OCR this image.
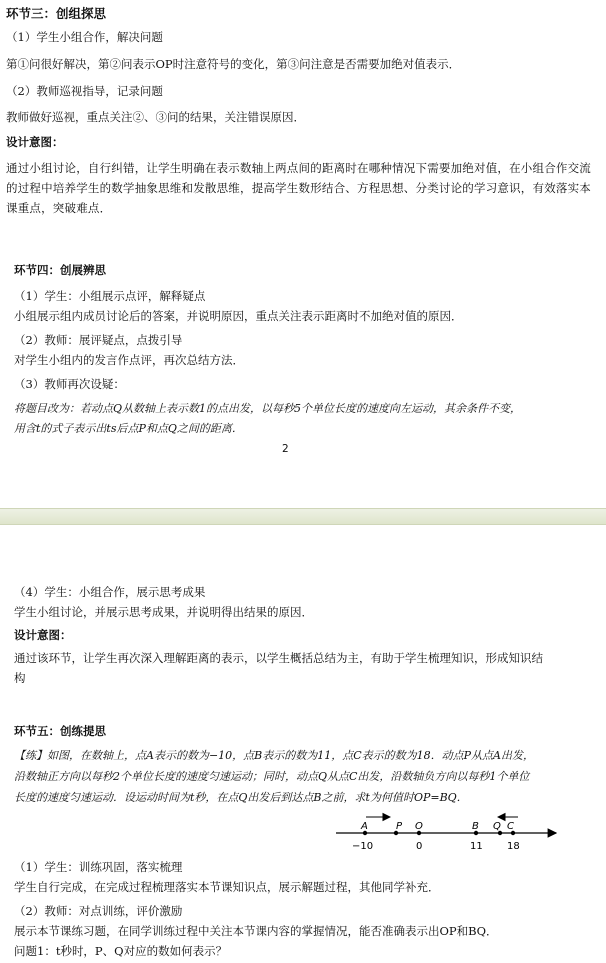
环节三：创组探思
（1）学生小组合作，解决问题
第①问很好解决，第②问表示OP时注意符号的变化，第③问注意是否需要加绝对值表示．
（2）教师巡视指导，记录问题
教师做好巡视，重点关注②、③问的结果，关注错误原因．
设计意图：
通过小组讨论，自行纠错，让学生明确在表示数轴上两点间的距离时在哪种情况下需要加绝对值，在小组合作交流的过程中培养学生的数学抽象思维和发散思维，提高学生数形结合、方程思想、分类讨论的学习意识，有效落实本课重点，突破难点．
环节四：创展辨思
（1）学生：小组展示点评，解释疑点
小组展示组内成员讨论后的答案，并说明原因，重点关注表示距离时不加绝对值的原因．
（2）教师：展评疑点，点拨引导
对学生小组内的发言作点评，再次总结方法．
（3）教师再次设疑：
将题目改为：若动点Q从数轴上表示数1的点出发，以每秒5个单位长度的速度向左运动，其余条件不变，
用含t的式子表示出ts后点P和点Q之间的距离．
2
（4）学生：小组合作，展示思考成果
学生小组讨论，并展示思考成果，并说明得出结果的原因．
设计意图：
通过该环节，让学生再次深入理解距离的表示，以学生概括总结为主，有助于学生梳理知识，形成知识结
构
环节五：创练提思
【练】如图，在数轴上，点A表示的数为−10，点B表示的数为11，点C表示的数为18．动点P从点A出发，
沿数轴正方向以每秒2个单位长度的速度匀速运动；同时，动点Q从点C出发，沿数轴负方向以每秒1个单位
长度的速度匀速运动．设运动时间为t秒，在点Q出发后到达点B之前，求t为何值时OP=BQ．
A	P O	B Q C
−10	0	11 18
（1）学生：训练巩固，落实梳理
学生自行完成，在完成过程梳理落实本节课知识点，展示解题过程，其他同学补充．
（2）教师：对点训练，评价激励
展示本节课练习题，在同学训练过程中关注本节课内容的掌握情况，能否准确表示出OP和BQ．
问题1：t秒时，P、Q对应的数如何表示？
